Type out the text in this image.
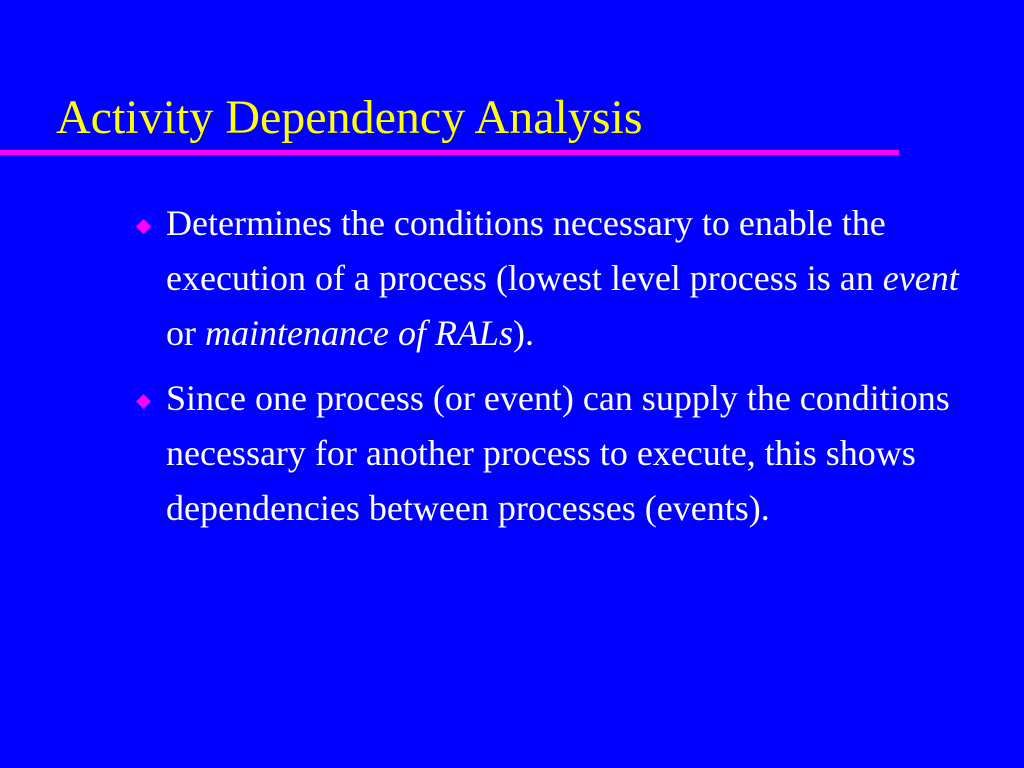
Activity Dependency Analysis
Determines the conditions necessary to enable the execution of a process (lowest level process is an event or maintenance of RALs).
Since one process (or event) can supply the conditions necessary for another process to execute, this shows dependencies between processes (events).
